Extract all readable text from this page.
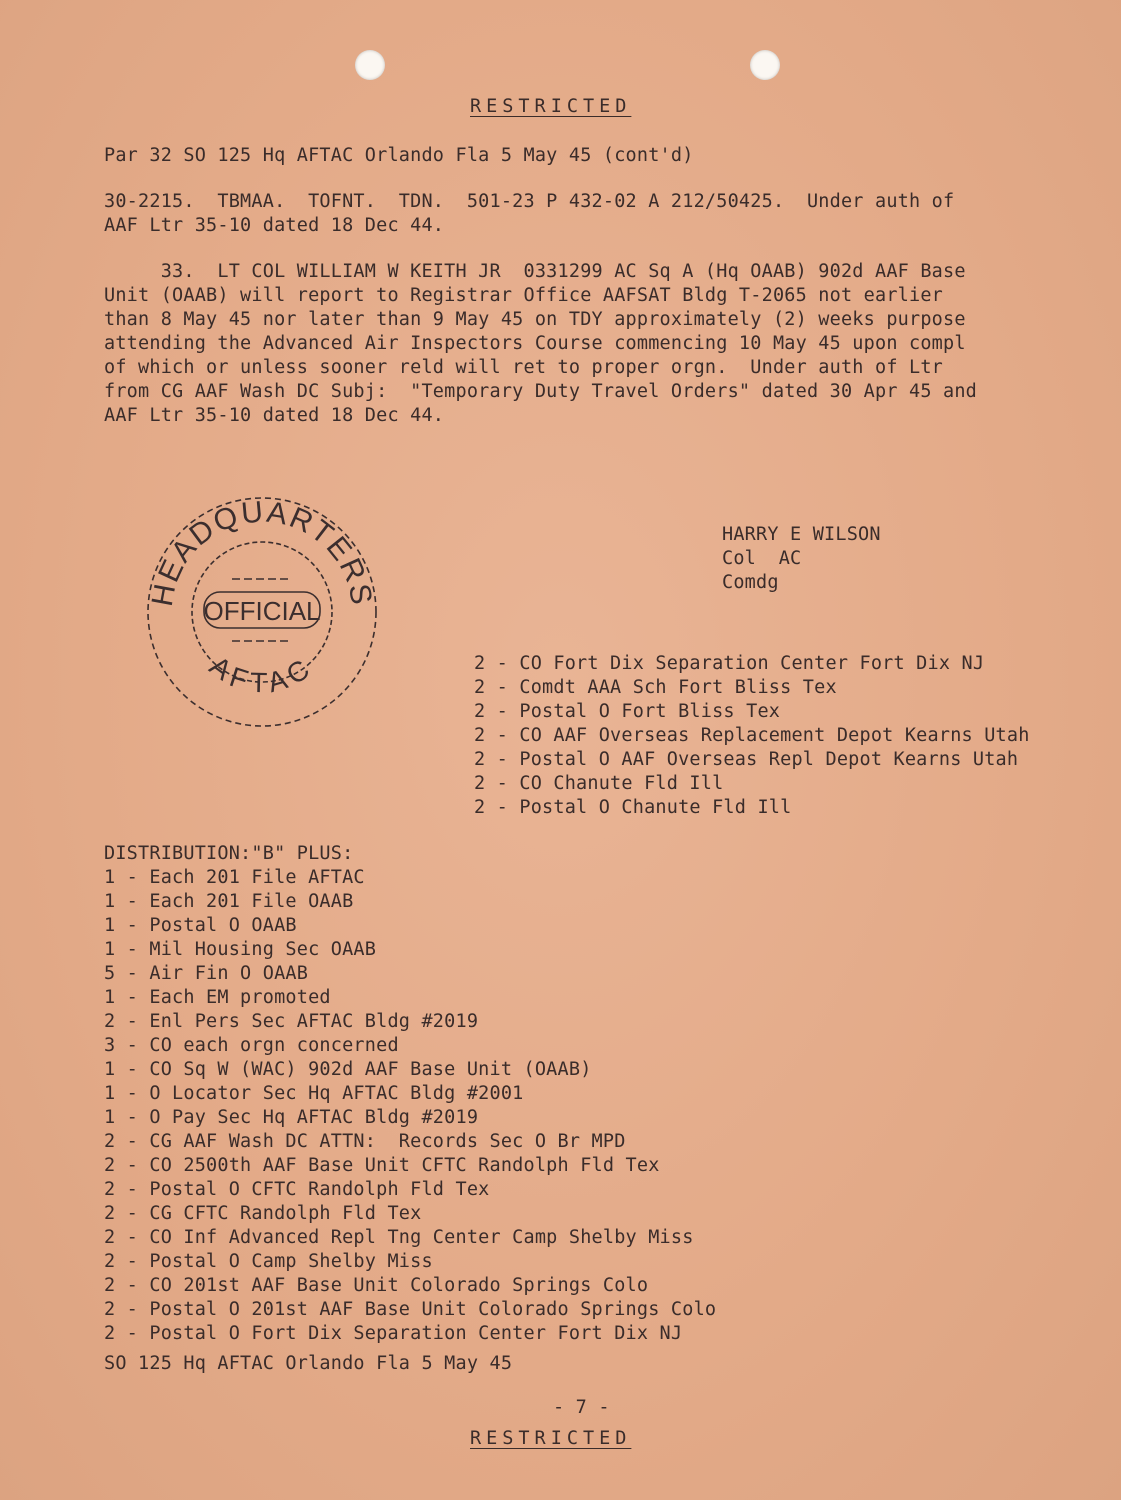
RESTRICTED
Par 32 SO 125 Hq AFTAC Orlando Fla 5 May 45 (cont'd)
30-2215.  TBMAA.  TOFNT.  TDN.  501-23 P 432-02 A 212/50425.  Under auth of
AAF Ltr 35-10 dated 18 Dec 44.
33.  LT COL WILLIAM W KEITH JR  0331299 AC Sq A (Hq OAAB) 902d AAF Base
Unit (OAAB) will report to Registrar Office AAFSAT Bldg T-2065 not earlier
than 8 May 45 nor later than 9 May 45 on TDY approximately (2) weeks purpose
attending the Advanced Air Inspectors Course commencing 10 May 45 upon compl
of which or unless sooner reld will ret to proper orgn.  Under auth of Ltr
from CG AAF Wash DC Subj:  "Temporary Duty Travel Orders" dated 30 Apr 45 and
AAF Ltr 35-10 dated 18 Dec 44.
HEADQUARTERS
OFFICIAL
AFTAC
HARRY E WILSON
Col  AC
Comdg
2 - CO Fort Dix Separation Center Fort Dix NJ
2 - Comdt AAA Sch Fort Bliss Tex
2 - Postal O Fort Bliss Tex
2 - CO AAF Overseas Replacement Depot Kearns Utah
2 - Postal O AAF Overseas Repl Depot Kearns Utah
2 - CO Chanute Fld Ill
2 - Postal O Chanute Fld Ill
DISTRIBUTION:"B" PLUS:
1 - Each 201 File AFTAC
1 - Each 201 File OAAB
1 - Postal O OAAB
1 - Mil Housing Sec OAAB
5 - Air Fin O OAAB
1 - Each EM promoted
2 - Enl Pers Sec AFTAC Bldg #2019
3 - CO each orgn concerned
1 - CO Sq W (WAC) 902d AAF Base Unit (OAAB)
1 - O Locator Sec Hq AFTAC Bldg #2001
1 - O Pay Sec Hq AFTAC Bldg #2019
2 - CG AAF Wash DC ATTN:  Records Sec O Br MPD
2 - CO 2500th AAF Base Unit CFTC Randolph Fld Tex
2 - Postal O CFTC Randolph Fld Tex
2 - CG CFTC Randolph Fld Tex
2 - CO Inf Advanced Repl Tng Center Camp Shelby Miss
2 - Postal O Camp Shelby Miss
2 - CO 201st AAF Base Unit Colorado Springs Colo
2 - Postal O 201st AAF Base Unit Colorado Springs Colo
2 - Postal O Fort Dix Separation Center Fort Dix NJ
SO 125 Hq AFTAC Orlando Fla 5 May 45
- 7 -
RESTRICTED
